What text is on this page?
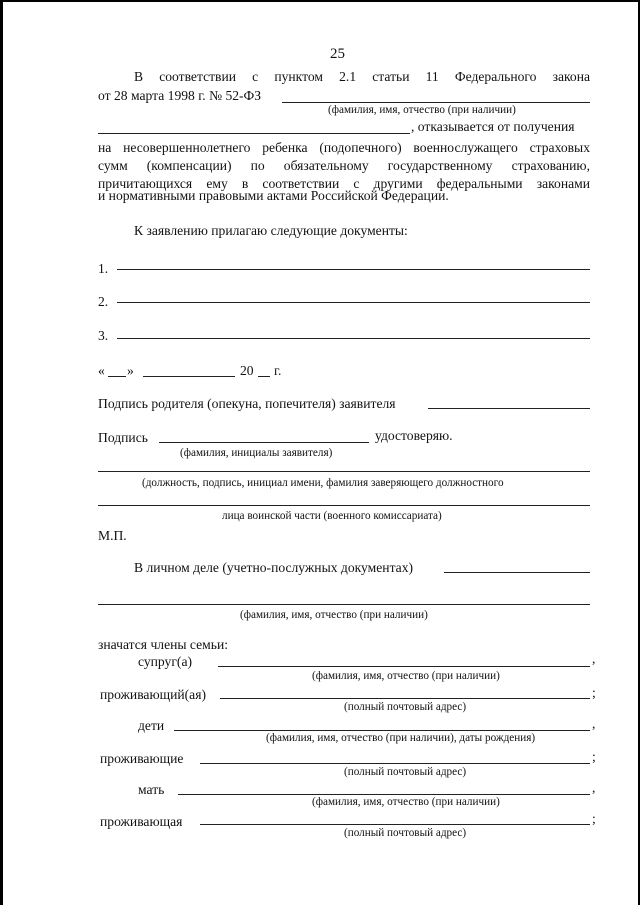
25
В соответствии с пунктом 2.1 статьи 11 Федерального закона
от 28 марта 1998 г. № 52-ФЗ
(фамилия, имя, отчество (при наличии)
, отказывается от получения
на несовершеннолетнего ребенка (подопечного) военнослужащего страховых
сумм (компенсации) по обязательному государственному страхованию,
причитающихся ему в соответствии с другими федеральными законами
и нормативными правовыми актами Российской Федерации.
К заявлению прилагаю следующие документы:
1.
2.
3.
« »	20 г.
Подпись родителя (опекуна, попечителя) заявителя
Подпись	удостоверяю.
(фамилия, инициалы заявителя)
(должность, подпись, инициал имени, фамилия заверяющего должностного
лица воинской части (военного комиссариата)
М.П.
В личном деле (учетно-послужных документах)
(фамилия, имя, отчество (при наличии)
значатся члены семьи:
супруг(а)	,
(фамилия, имя, отчество (при наличии)
проживающий(ая)	;
(полный почтовый адрес)
дети	,
(фамилия, имя, отчество (при наличии), даты рождения)
проживающие	;
(полный почтовый адрес)
мать	,
(фамилия, имя, отчество (при наличии)
проживающая	;
(полный почтовый адрес)
